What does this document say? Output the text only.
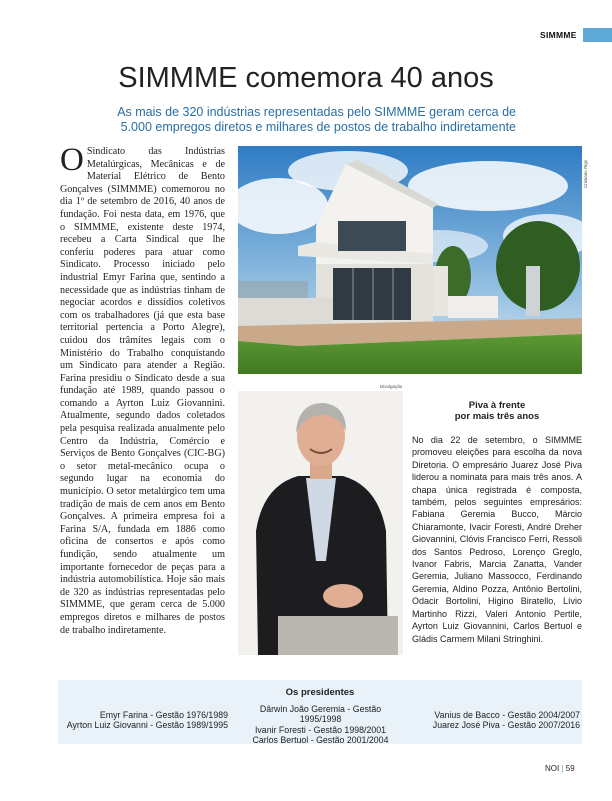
SIMMME
SIMMME comemora 40 anos
As mais de 320 indústrias representadas pelo SIMMME geram cerca de 5.000 empregos diretos e milhares de postos de trabalho indiretamente
O Sindicato das Indústrias Metalúrgicas, Mecânicas e de Material Elétrico de Bento Gonçalves (SIMMME) comemorou no dia 1º de setembro de 2016, 40 anos de fundação. Foi nesta data, em 1976, que o SIMMME, existente deste 1974, recebeu a Carta Sindical que lhe conferiu poderes para atuar como Sindicato. Processo iniciado pelo industrial Emyr Farina que, sentindo a necessidade que as indústrias tinham de negociar acordos e dissídios coletivos com os trabalhadores (já que esta base territorial pertencia a Porto Alegre), cuidou dos trâmites legais com o Ministério do Trabalho conquistando um Sindicato para atender a Região. Farina presidiu o Sindicato desde a sua fundação até 1989, quando passou o comando a Ayrton Luiz Giovannini. Atualmente, segundo dados coletados pela pesquisa realizada anualmente pelo Centro da Indústria, Comércio e Serviços de Bento Gonçalves (CIC-BG) o setor metal-mecânico ocupa o segundo lugar na economia do município. O setor metalúrgico tem uma tradição de mais de cem anos em Bento Gonçalves. A primeira empresa foi a Farina S/A, fundada em 1886 como oficina de consertos e após como fundição, sendo atualmente um importante fornecedor de peças para a indústria automobilística. Hoje são mais de 320 as indústrias representadas pelo SIMMME, que geram cerca de 5.000 empregos diretos e milhares de postos de trabalho indiretamente.
Cristiano Rigo
Divulgação
Piva à frente
por mais três anos
No dia 22 de setembro, o SIMMME promoveu eleições para escolha da nova Diretoria. O empresário Juarez José Piva liderou a nominata para mais três anos. A chapa única registrada é composta, também, pelos seguintes empresários: Fabiana Geremia Bucco, Márcio Chiaramonte, Ivacir Foresti, André Dreher Giovannini, Clóvis Francisco Ferri, Ressoli dos Santos Pedroso, Lorenço Greglo, Ivanor Fabris, Marcia Zanatta, Vander Geremia, Juliano Massocco, Ferdinando Geremia, Aldino Pozza, Antônio Bertolini, Odacir Bortolini, Higino Biratello, Lívio Martinho Rizzi, Valeri Antonio Pertile, Ayrton Luiz Giovannini, Carlos Bertuol e Gládis Carmem Milani Stringhini.
Os presidentes
Emyr Farina - Gestão 1976/1989
Ayrton Luiz Giovanni - Gestão 1989/1995
Dârwin João Geremia - Gestão 1995/1998
Ivanir Foresti - Gestão 1998/2001
Carlos Bertuol - Gestão 2001/2004
Vanius de Bacco - Gestão 2004/2007
Juarez José Piva - Gestão 2007/2016
NOI | 59
